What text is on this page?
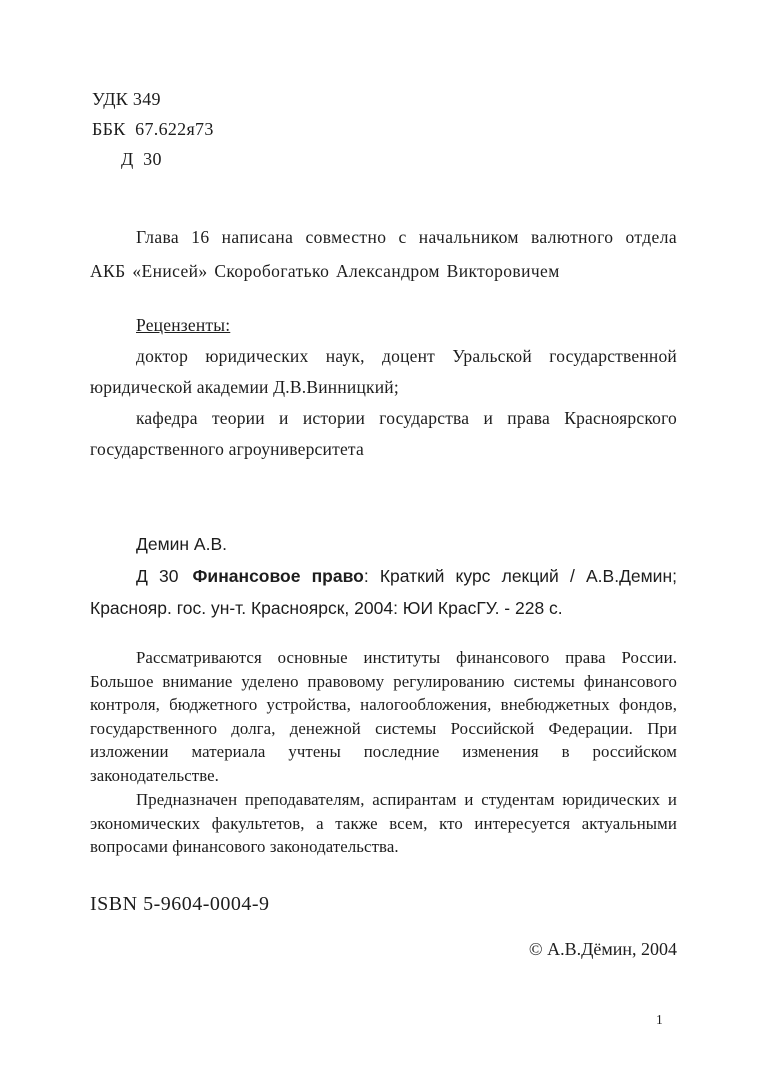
УДК 349
ББК  67.622я73
Д  30

Глава 16 написана совместно с начальником валютного отдела АКБ «Енисей» Скоробогатько Александром Викторовичем

Рецензенты:

доктор юридических наук, доцент Уральской государственной юридической академии Д.В.Винницкий;

кафедра теории и истории государства и права Красноярского государственного агроуниверситета

Демин А.В.

Д 30 Финансовое право: Краткий курс лекций / А.В.Демин; Краснояр. гос. ун-т. Красноярск, 2004: ЮИ КрасГУ. - 228 с.

Рассматриваются основные институты финансового права России. Большое внимание уделено правовому регулированию системы финансового контроля, бюджетного устройства, налогообложения, внебюджетных фондов, государственного долга, денежной системы Российской Федерации. При изложении материала учтены последние изменения в российском законодательстве.

Предназначен преподавателям, аспирантам и студентам юридических и экономических факультетов, а также всем, кто интересуется актуальными вопросами финансового законодательства.

ISBN 5-9604-0004-9

© А.В.Дёмин, 2004

1
